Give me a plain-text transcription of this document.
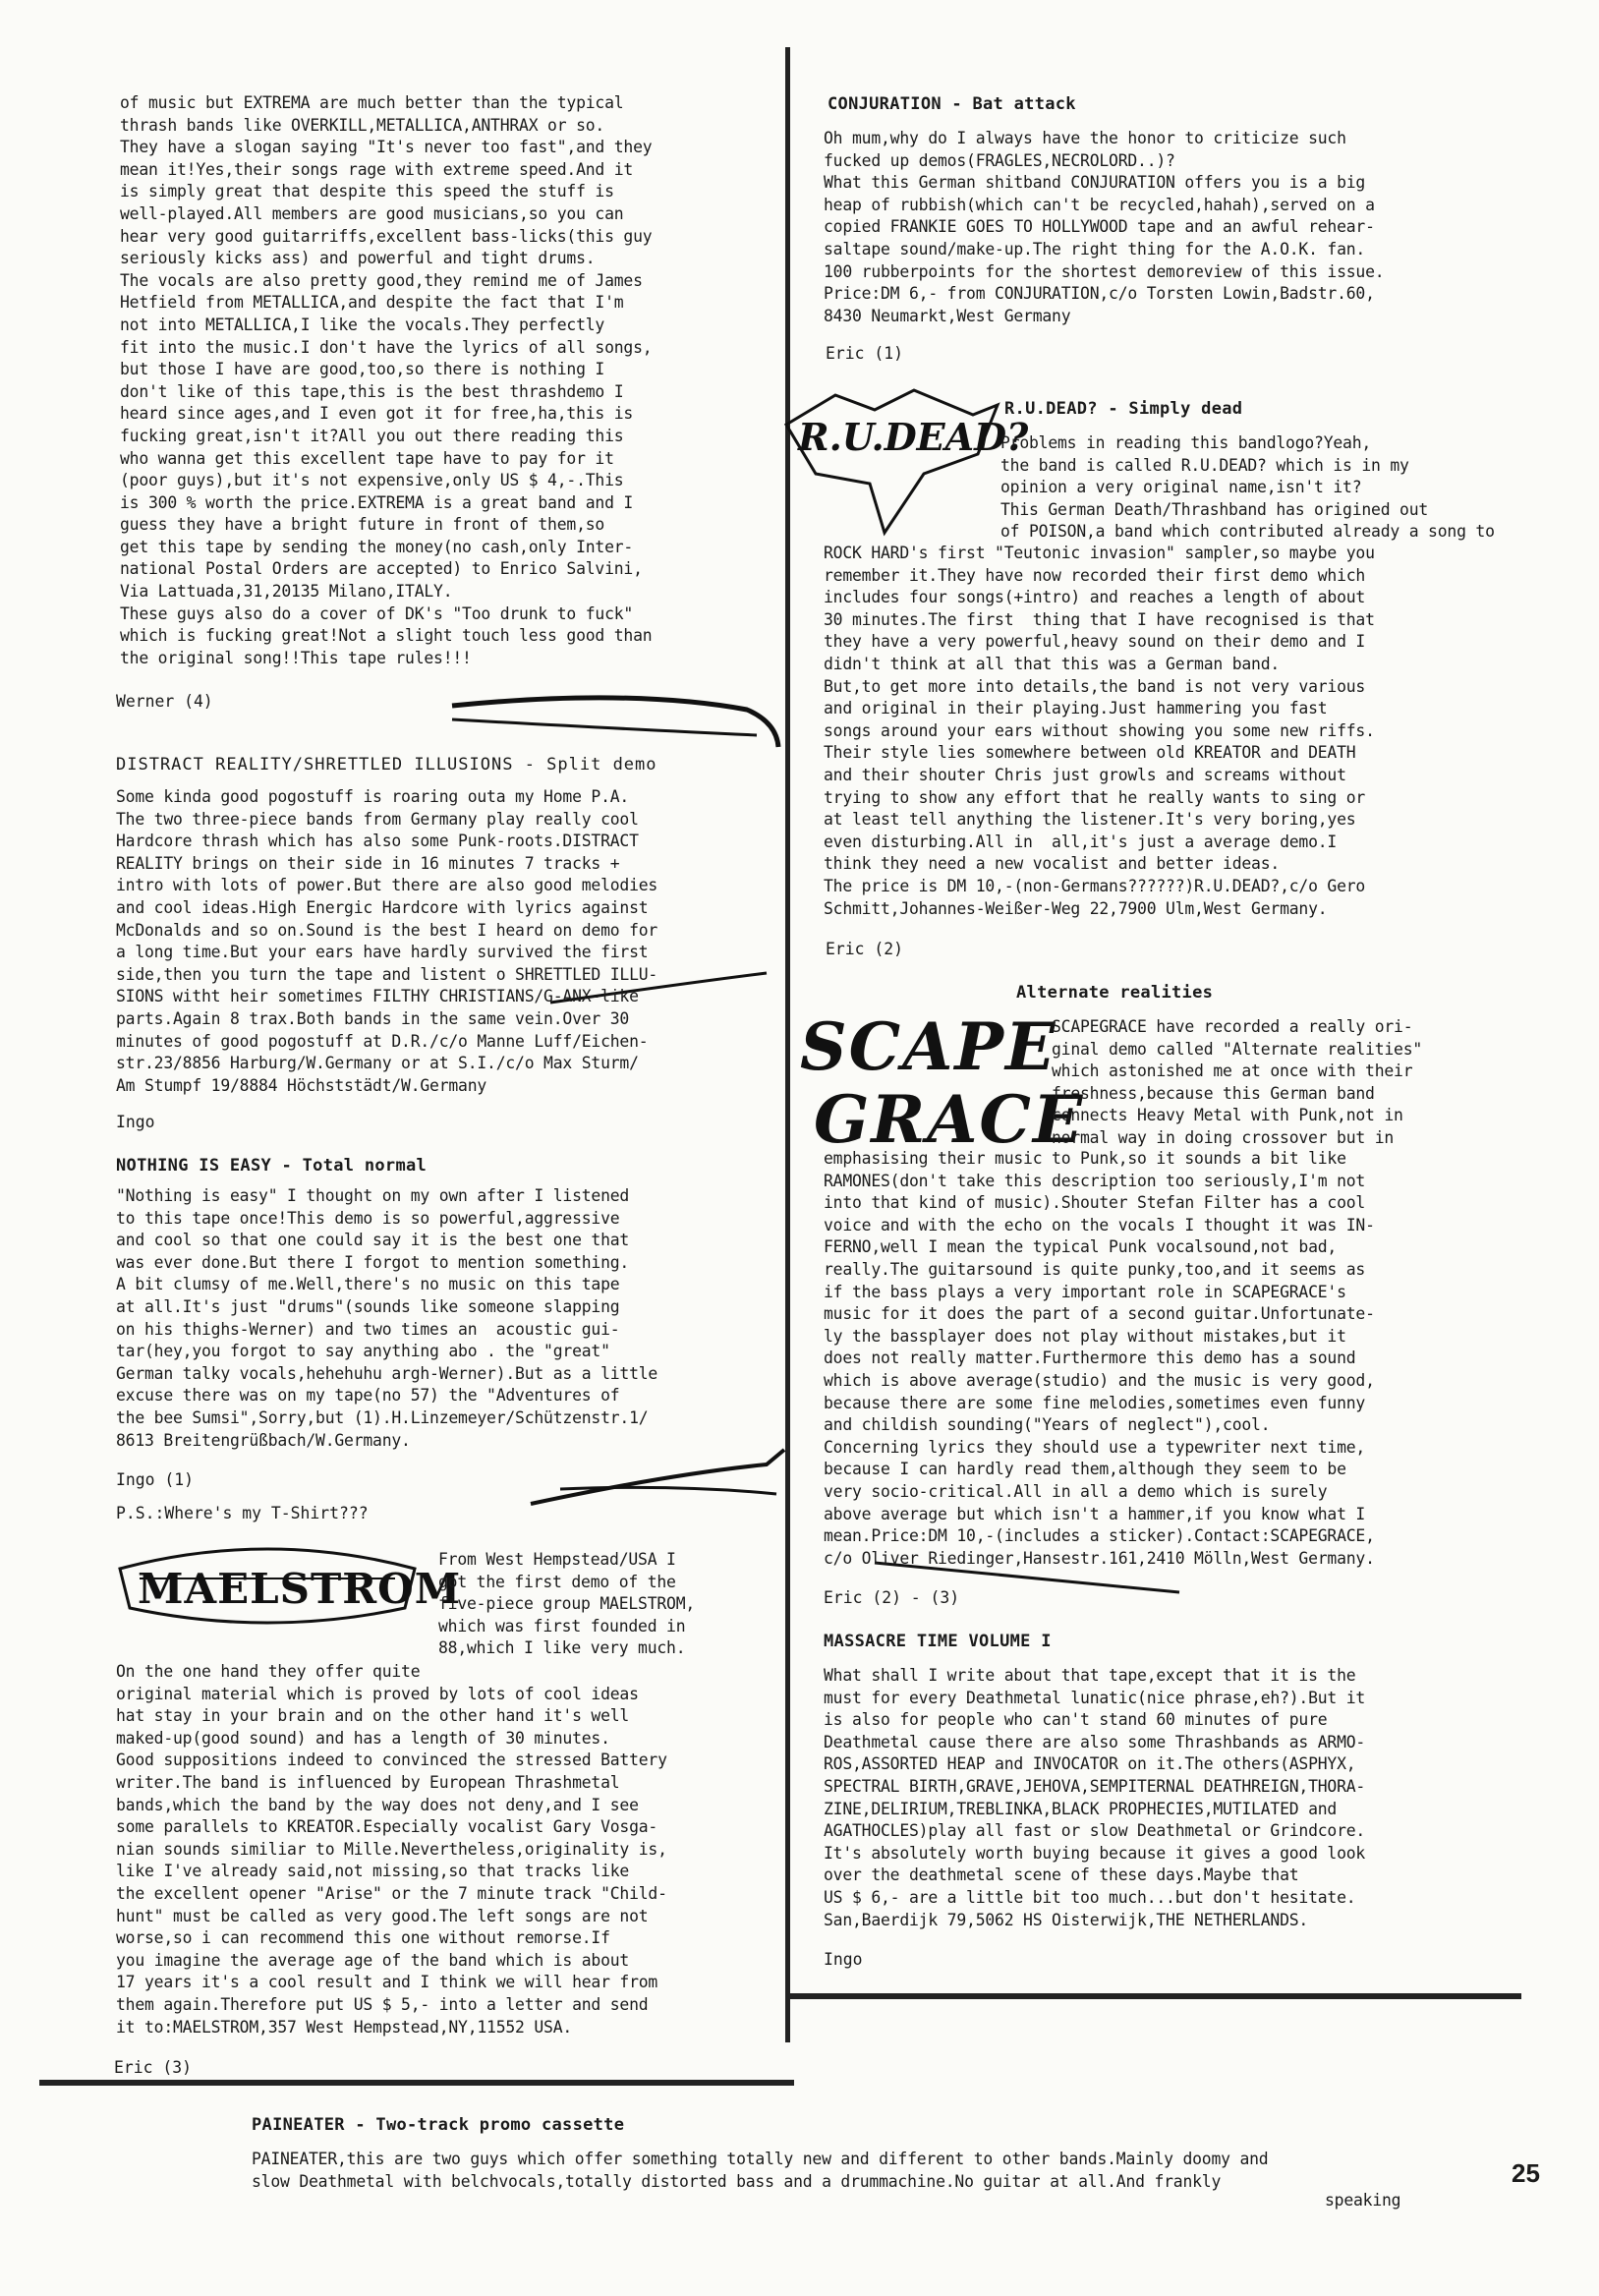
of music but EXTREMA are much better than the typical
thrash bands like OVERKILL,METALLICA,ANTHRAX or so.
They have a slogan saying "It's never too fast",and they
mean it!Yes,their songs rage with extreme speed.And it
is simply great that despite this speed the stuff is
well-played.All members are good musicians,so you can
hear very good guitarriffs,excellent bass-licks(this guy
seriously kicks ass) and powerful and tight drums.
The vocals are also pretty good,they remind me of James
Hetfield from METALLICA,and despite the fact that I'm
not into METALLICA,I like the vocals.They perfectly
fit into the music.I don't have the lyrics of all songs,
but those I have are good,too,so there is nothing I
don't like of this tape,this is the best thrashdemo I
heard since ages,and I even got it for free,ha,this is
fucking great,isn't it?All you out there reading this
who wanna get this excellent tape have to pay for it
(poor guys),but it's not expensive,only US $ 4,-.This
is 300 % worth the price.EXTREMA is a great band and I
guess they have a bright future in front of them,so
get this tape by sending the money(no cash,only Inter-
national Postal Orders are accepted) to Enrico Salvini,
Via Lattuada,31,20135 Milano,ITALY.
These guys also do a cover of DK's "Too drunk to fuck"
which is fucking great!Not a slight touch less good than
the original song!!This tape rules!!!
Werner (4)
DISTRACT REALITY/SHRETTLED ILLUSIONS - Split demo
Some kinda good pogostuff is roaring outa my Home P.A.
The two three-piece bands from Germany play really cool
Hardcore thrash which has also some Punk-roots.DISTRACT
REALITY brings on their side in 16 minutes 7 tracks +
intro with lots of power.But there are also good melodies
and cool ideas.High Energic Hardcore with lyrics against
McDonalds and so on.Sound is the best I heard on demo for
a long time.But your ears have hardly survived the first
side,then you turn the tape and listent o SHRETTLED ILLU-
SIONS witht heir sometimes FILTHY CHRISTIANS/G-ANX-like
parts.Again 8 trax.Both bands in the same vein.Over 30
minutes of good pogostuff at D.R./c/o Manne Luff/Eichen-
str.23/8856 Harburg/W.Germany or at S.I./c/o Max Sturm/
Am Stumpf 19/8884 Höchststädt/W.Germany
Ingo
NOTHING IS EASY - Total normal
"Nothing is easy" I thought on my own after I listened
to this tape once!This demo is so powerful,aggressive
and cool so that one could say it is the best one that
was ever done.But there I forgot to mention something.
A bit clumsy of me.Well,there's no music on this tape
at all.It's just "drums"(sounds like someone slapping
on his thighs-Werner) and two times an  acoustic gui-
tar(hey,you forgot to say anything abo . the "great"
German talky vocals,hehehuhu argh-Werner).But as a little
excuse there was on my tape(no 57) the "Adventures of
the bee Sumsi",Sorry,but (1).H.Linzemeyer/Schützenstr.1/
8613 Breitengrüßbach/W.Germany.
Ingo (1)
P.S.:Where's my T-Shirt???
MAELSTROM
From West Hempstead/USA I
got the first demo of the
five-piece group MAELSTROM,
which was first founded in
88,which I like very much.
On the one hand they offer quite
original material which is proved by lots of cool ideas
hat stay in your brain and on the other hand it's well
maked-up(good sound) and has a length of 30 minutes.
Good suppositions indeed to convinced the stressed Battery
writer.The band is influenced by European Thrashmetal
bands,which the band by the way does not deny,and I see
some parallels to KREATOR.Especially vocalist Gary Vosga-
nian sounds similiar to Mille.Nevertheless,originality is,
like I've already said,not missing,so that tracks like
the excellent opener "Arise" or the 7 minute track "Child-
hunt" must be called as very good.The left songs are not
worse,so i can recommend this one without remorse.If
you imagine the average age of the band which is about
17 years it's a cool result and I think we will hear from
them again.Therefore put US $ 5,- into a letter and send
it to:MAELSTROM,357 West Hempstead,NY,11552 USA.
Eric (3)
CONJURATION - Bat attack
Oh mum,why do I always have the honor to criticize such
fucked up demos(FRAGLES,NECROLORD..)?
What this German shitband CONJURATION offers you is a big
heap of rubbish(which can't be recycled,hahah),served on a
copied FRANKIE GOES TO HOLLYWOOD tape and an awful rehear-
saltape sound/make-up.The right thing for the A.O.K. fan.
100 rubberpoints for the shortest demoreview of this issue.
Price:DM 6,- from CONJURATION,c/o Torsten Lowin,Badstr.60,
8430 Neumarkt,West Germany
Eric (1)
R.U.DEAD?
R.U.DEAD? - Simply dead
Problems in reading this bandlogo?Yeah,
the band is called R.U.DEAD? which is in my
opinion a very original name,isn't it?
This German Death/Thrashband has origined out
of POISON,a band which contributed already a song to
ROCK HARD's first "Teutonic invasion" sampler,so maybe you
remember it.They have now recorded their first demo which
includes four songs(+intro) and reaches a length of about
30 minutes.The first  thing that I have recognised is that
they have a very powerful,heavy sound on their demo and I
didn't think at all that this was a German band.
But,to get more into details,the band is not very various
and original in their playing.Just hammering you fast
songs around your ears without showing you some new riffs.
Their style lies somewhere between old KREATOR and DEATH
and their shouter Chris just growls and screams without
trying to show any effort that he really wants to sing or
at least tell anything the listener.It's very boring,yes
even disturbing.All in  all,it's just a average demo.I
think they need a new vocalist and better ideas.
The price is DM 10,-(non-Germans??????)R.U.DEAD?,c/o Gero
Schmitt,Johannes-Weißer-Weg 22,7900 Ulm,West Germany.
Eric (2)
Alternate realities
SCAPE
GRACE
SCAPEGRACE have recorded a really ori-
ginal demo called "Alternate realities"
which astonished me at once with their
freshness,because this German band
connects Heavy Metal with Punk,not in
normal way in doing crossover but in
emphasising their music to Punk,so it sounds a bit like
RAMONES(don't take this description too seriously,I'm not
into that kind of music).Shouter Stefan Filter has a cool
voice and with the echo on the vocals I thought it was IN-
FERNO,well I mean the typical Punk vocalsound,not bad,
really.The guitarsound is quite punky,too,and it seems as
if the bass plays a very important role in SCAPEGRACE's
music for it does the part of a second guitar.Unfortunate-
ly the bassplayer does not play without mistakes,but it
does not really matter.Furthermore this demo has a sound
which is above average(studio) and the music is very good,
because there are some fine melodies,sometimes even funny
and childish sounding("Years of neglect"),cool.
Concerning lyrics they should use a typewriter next time,
because I can hardly read them,although they seem to be
very socio-critical.All in all a demo which is surely
above average but which isn't a hammer,if you know what I
mean.Price:DM 10,-(includes a sticker).Contact:SCAPEGRACE,
c/o Oliver Riedinger,Hansestr.161,2410 Mölln,West Germany.
Eric (2) - (3)
MASSACRE TIME VOLUME I
What shall I write about that tape,except that it is the
must for every Deathmetal lunatic(nice phrase,eh?).But it
is also for people who can't stand 60 minutes of pure
Deathmetal cause there are also some Thrashbands as ARMO-
ROS,ASSORTED HEAP and INVOCATOR on it.The others(ASPHYX,
SPECTRAL BIRTH,GRAVE,JEHOVA,SEMPITERNAL DEATHREIGN,THORA-
ZINE,DELIRIUM,TREBLINKA,BLACK PROPHECIES,MUTILATED and
AGATHOCLES)play all fast or slow Deathmetal or Grindcore.
It's absolutely worth buying because it gives a good look
over the deathmetal scene of these days.Maybe that
US $ 6,- are a little bit too much...but don't hesitate.
San,Baerdijk 79,5062 HS Oisterwijk,THE NETHERLANDS.
Ingo
PAINEATER - Two-track promo cassette
PAINEATER,this are two guys which offer something totally new and different to other bands.Mainly doomy and
slow Deathmetal with belchvocals,totally distorted bass and a drummachine.No guitar at all.And frankly
speaking
25
